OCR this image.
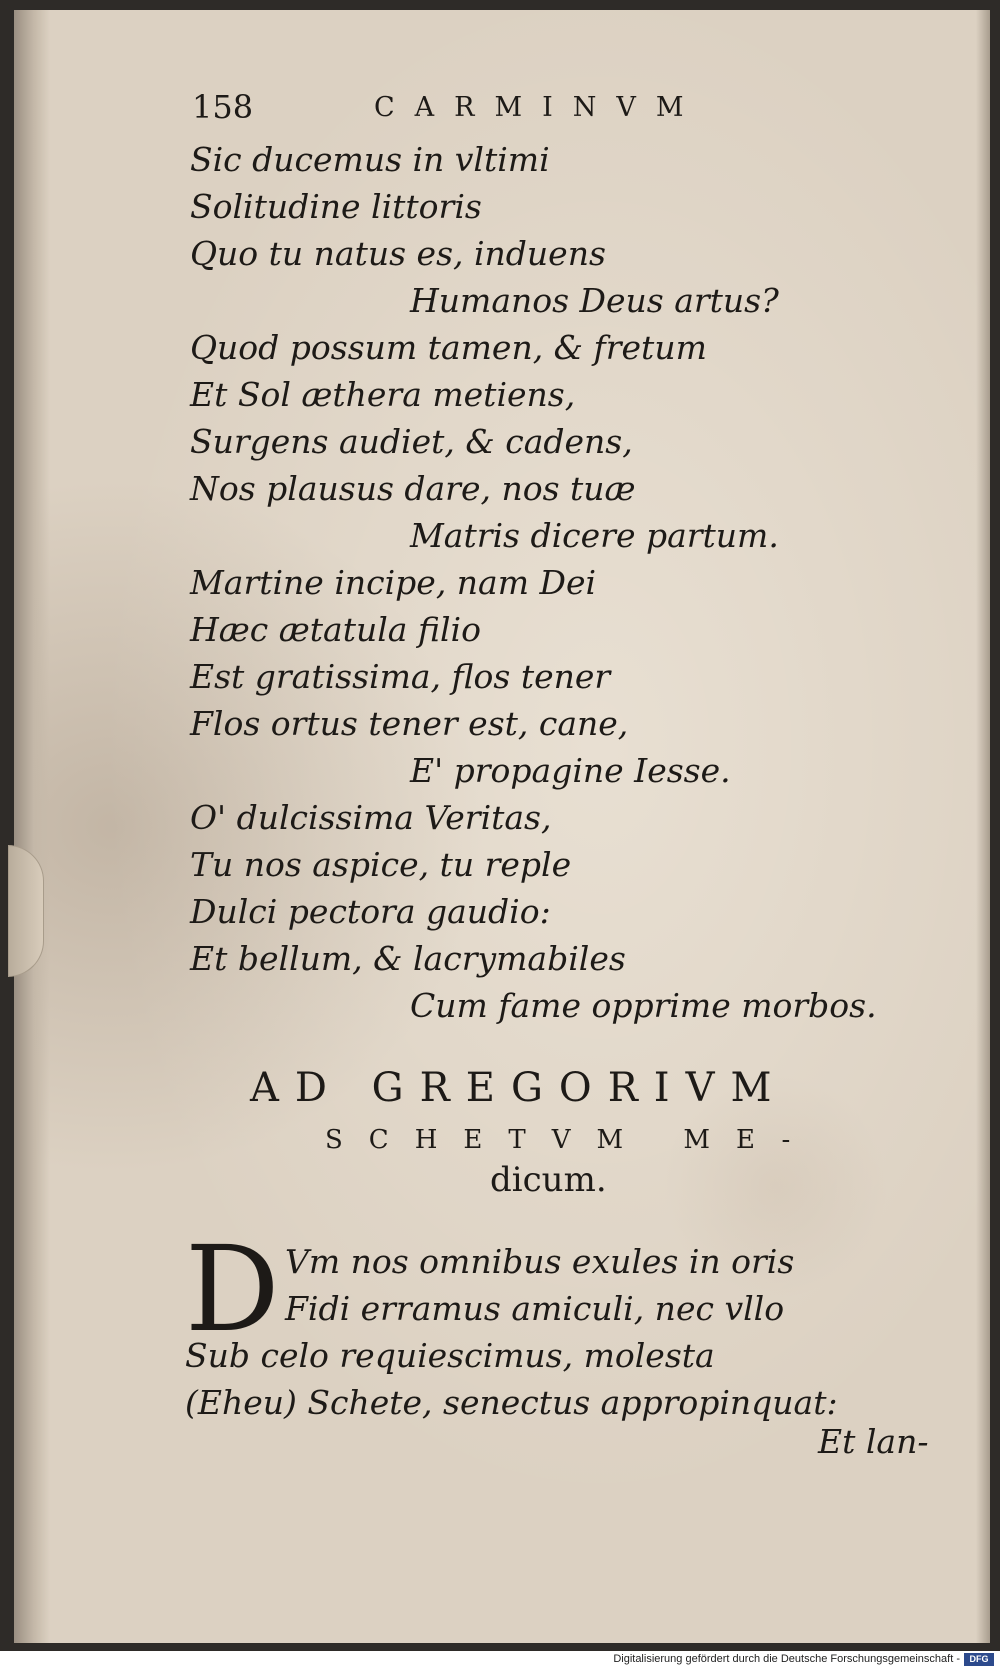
158	CARMINVM
Sic ducemus in vltimi
Solitudine littoris
Quo tu natus es, induens
Humanos Deus artus?
Quod possum tamen, & fretum
Et Sol æthera metiens,
Surgens audiet, & cadens,
Nos plausus dare, nos tuæ
Matris dicere partum.
Martine incipe, nam Dei
Hæc ætatula filio
Est gratissima, flos tener
Flos ortus tener est, cane,
E' propagine Iesse.
O' dulcissima Veritas,
Tu nos aspice, tu reple
Dulci pectora gaudio:
Et bellum, & lacrymabiles
Cum fame opprime morbos.
AD GREGORIVM
SCHETVM ME-
dicum.
D Vm nos omnibus exules in oris
Fidi erramus amiculi, nec vllo
Sub celo requiescimus, molesta
(Eheu) Schete, senectus appropinquat:
Et lan-
Digitalisierung gefördert durch die Deutsche Forschungsgemeinschaft -	DFG
